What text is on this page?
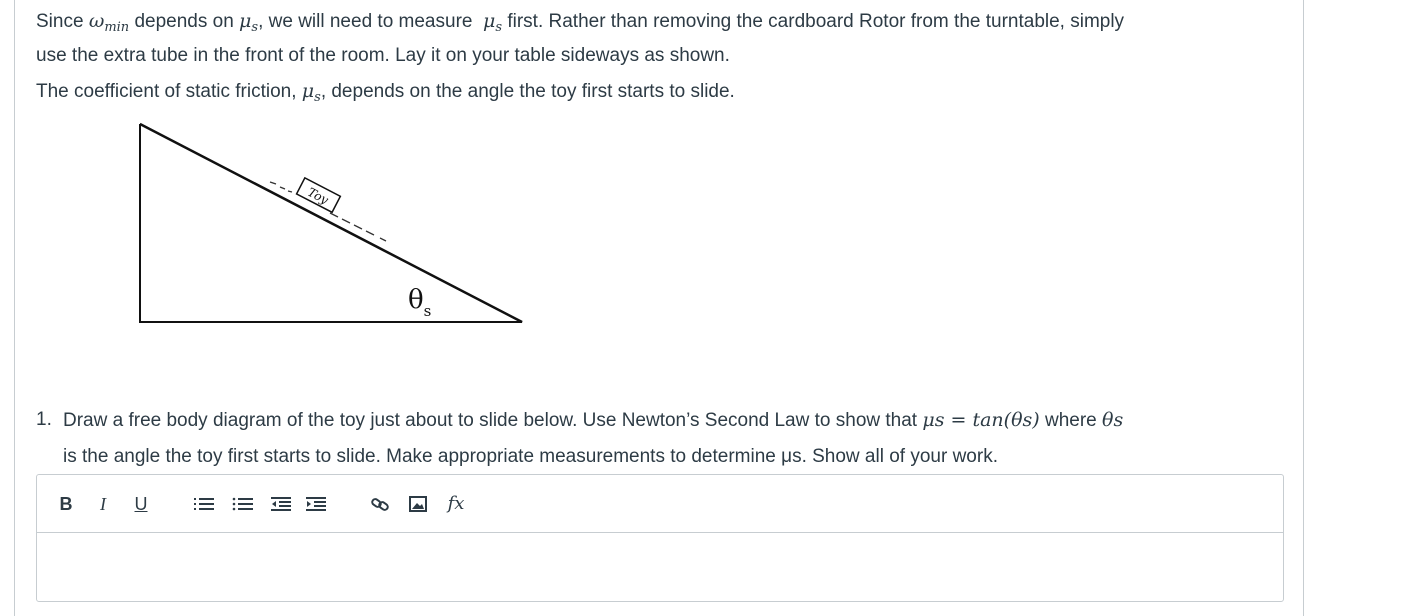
Since $\omega_{min}$ depends on $\mu_s$, we will need to measure  $\mu_s$ first. Rather than removing the cardboard Rotor from the turntable, simply
use the extra tube in the front of the room. Lay it on your table sideways as shown.
The coefficient of static friction, $\mu_s$, depends on the angle the toy first starts to slide.
Toy
$\theta_s$
1. Draw a free body diagram of the toy just about to slide below. Use Newton’s Second Law to show that μs = tan(θs) where θs
is the angle the toy first starts to slide. Make appropriate measurements to determine μs. Show all of your work.
B I U	fx
